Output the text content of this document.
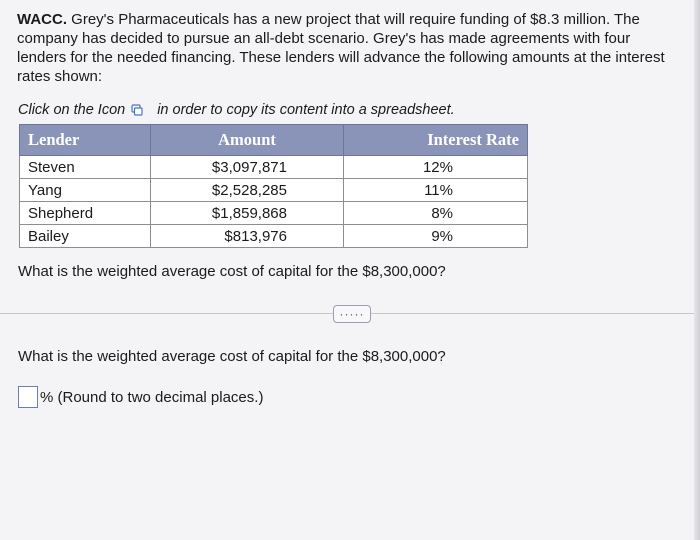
WACC. Grey's Pharmaceuticals has a new project that will require funding of $8.3 million. The company has decided to pursue an all-debt scenario. Grey's has made agreements with four lenders for the needed financing. These lenders will advance the following amounts at the interest rates shown:
Click on the Icon in order to copy its content into a spreadsheet.
Lender	Amount	Interest Rate
Steven	$3,097,871	12%
Yang	$2,528,285	11%
Shepherd	$1,859,868	8%
Bailey	$813,976	9%
What is the weighted average cost of capital for the $8,300,000?
·····
What is the weighted average cost of capital for the $8,300,000?
% (Round to two decimal places.)
